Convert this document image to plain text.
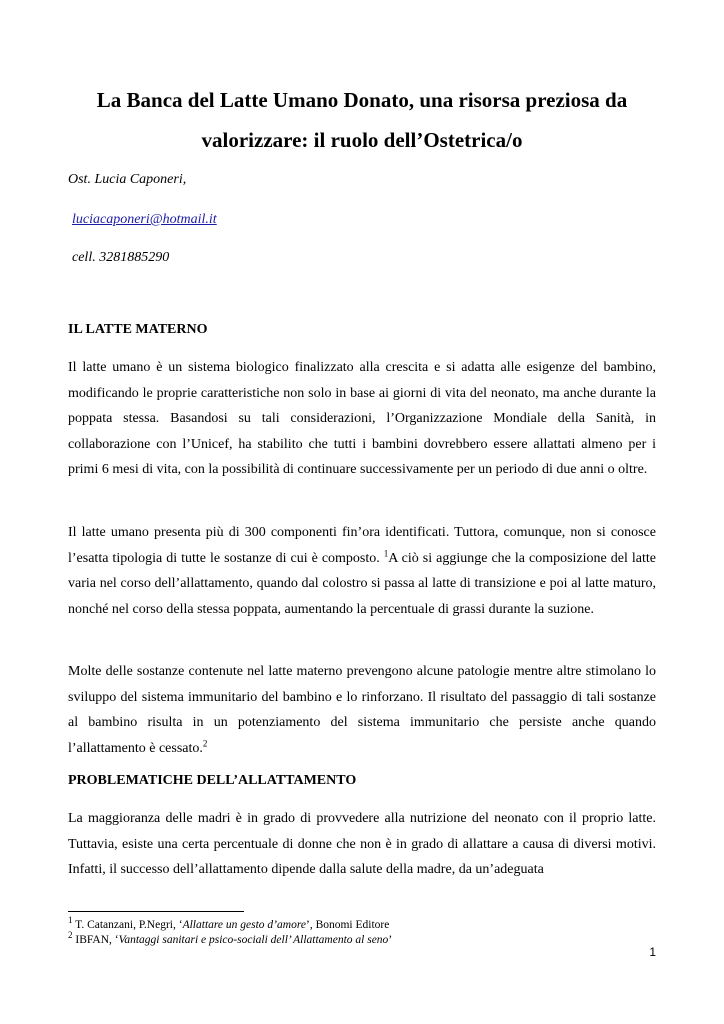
La Banca del Latte Umano Donato, una risorsa preziosa da
valorizzare: il ruolo dell’Ostetrica/o
Ost. Lucia Caponeri,
luciacaponeri@hotmail.it
cell. 3281885290
IL LATTE MATERNO

Il latte umano è un sistema biologico finalizzato alla crescita e si adatta alle esigenze del bambino, modificando le proprie caratteristiche non solo in base ai giorni di vita del neonato, ma anche durante la poppata stessa. Basandosi su tali considerazioni, l’Organizzazione Mondiale della Sanità, in collaborazione con l’Unicef, ha stabilito che tutti i bambini dovrebbero essere allattati almeno per i primi 6 mesi di vita, con la possibilità di continuare successivamente per un periodo di due anni o oltre.

Il latte umano presenta più di 300 componenti fin’ora identificati. Tuttora, comunque, non si conosce l’esatta tipologia di tutte le sostanze di cui è composto. $^1$A ciò si aggiunge che la composizione del latte varia nel corso dell’allattamento, quando dal colostro si passa al latte di transizione e poi al latte maturo, nonché nel corso della stessa poppata, aumentando la percentuale di grassi durante la suzione.

Molte delle sostanze contenute nel latte materno prevengono alcune patologie mentre altre stimolano lo sviluppo del sistema immunitario del bambino e lo rinforzano. Il risultato del passaggio di tali sostanze al bambino risulta in un potenziamento del sistema immunitario che persiste anche quando l’allattamento è cessato.$^2$

PROBLEMATICHE DELL’ALLATTAMENTO

La maggioranza delle madri è in grado di provvedere alla nutrizione del neonato con il proprio latte. Tuttavia, esiste una certa percentuale di donne che non è in grado di allattare a causa di diversi motivi. Infatti, il successo dell’allattamento dipende dalla salute della madre, da un’adeguata

$^1$ T. Catanzani, P.Negri, ‘Allattare un gesto d’amore’, Bonomi Editore
$^2$ IBFAN, ‘Vantaggi sanitari e psico-sociali dell’ Allattamento al seno’
1
